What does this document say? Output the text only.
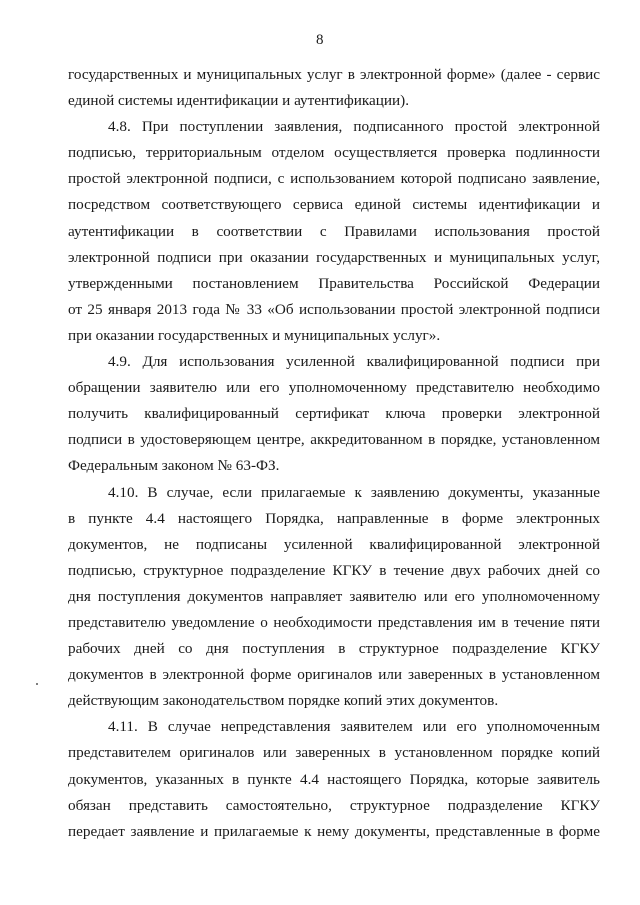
8

государственных и муниципальных услуг в электронной форме» (далее - сервис

единой системы идентификации и аутентификации).

4.8. При поступлении заявления, подписанного простой электронной

подписью, территориальным отделом осуществляется проверка подлинности

простой электронной подписи, с использованием которой подписано заявление,

посредством соответствующего сервиса единой системы идентификации и

аутентификации в соответствии с Правилами использования простой

электронной подписи при оказании государственных и муниципальных услуг,

утвержденными постановлением Правительства Российской Федерации

от 25 января 2013 года № 33 «Об использовании простой электронной подписи

при оказании государственных и муниципальных услуг».

4.9. Для использования усиленной квалифицированной подписи при

обращении заявителю или его уполномоченному представителю необходимо

получить квалифицированный сертификат ключа проверки электронной

подписи в удостоверяющем центре, аккредитованном в порядке, установленном

Федеральным законом № 63-ФЗ.

4.10. В случае, если прилагаемые к заявлению документы, указанные

в пункте 4.4 настоящего Порядка, направленные в форме электронных

документов, не подписаны усиленной квалифицированной электронной

подписью, структурное подразделение КГКУ в течение двух рабочих дней со

дня поступления документов направляет заявителю или его уполномоченному

представителю уведомление о необходимости представления им в течение пяти

рабочих дней со дня поступления в структурное подразделение КГКУ

документов в электронной форме оригиналов или заверенных в установленном

действующим законодательством порядке копий этих документов.

4.11. В случае непредставления заявителем или его уполномоченным

представителем оригиналов или заверенных в установленном порядке копий

документов, указанных в пункте 4.4 настоящего Порядка, которые заявитель

обязан представить самостоятельно, структурное подразделение КГКУ

передает заявление и прилагаемые к нему документы, представленные в форме
